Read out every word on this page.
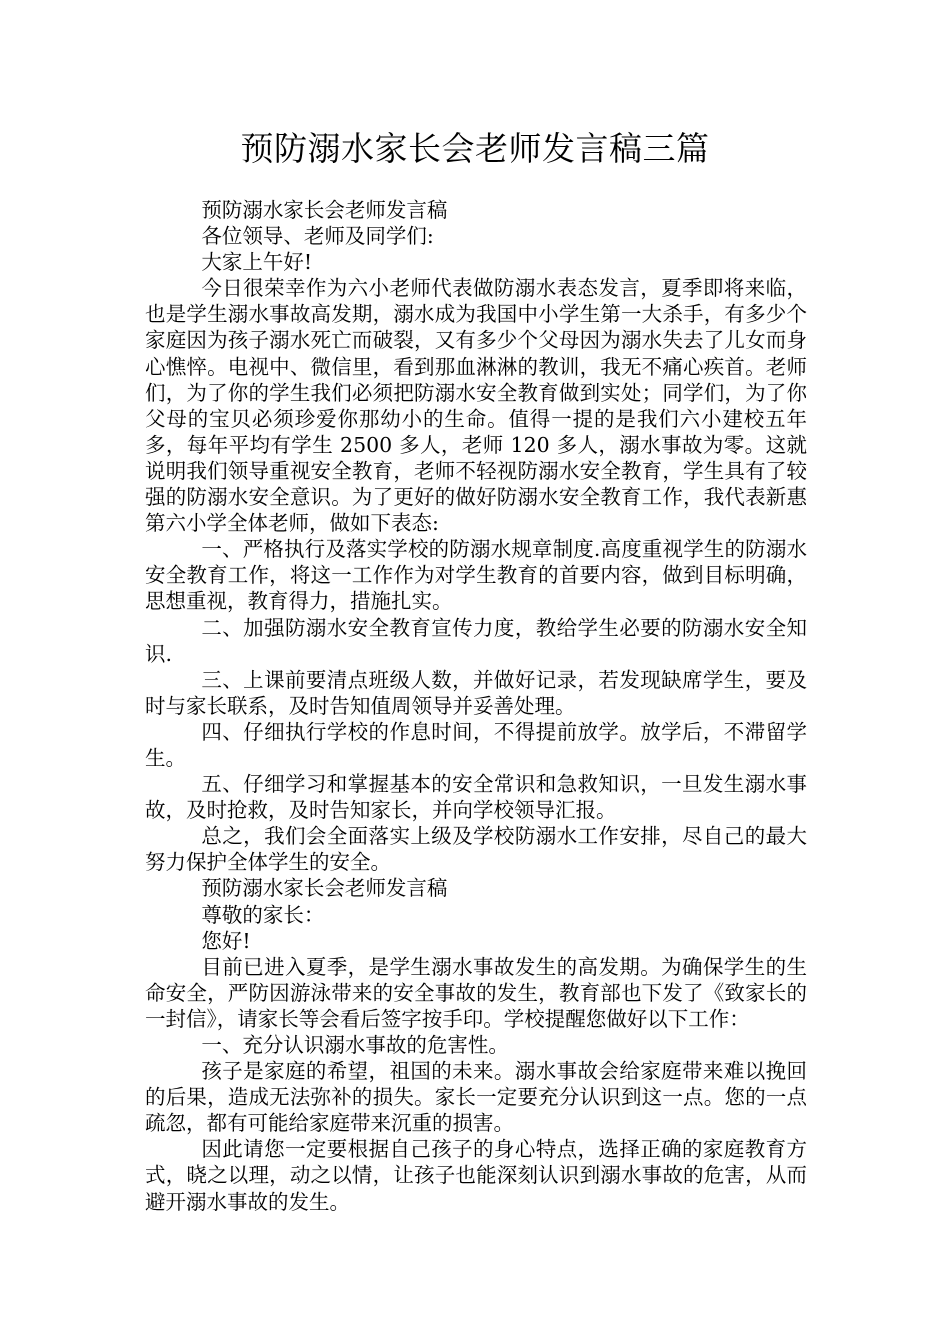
预防溺水家长会老师发言稿三篇

预防溺水家长会老师发言稿

各位领导、老师及同学们:

大家上午好!

今日很荣幸作为六小老师代表做防溺水表态发言，夏季即将来临，也是学生溺水事故高发期，溺水成为我国中小学生第一大杀手，有多少个家庭因为孩子溺水死亡而破裂，又有多少个父母因为溺水失去了儿女而身心憔悴。电视中、微信里，看到那血淋淋的教训，我无不痛心疾首。老师们，为了你的学生我们必须把防溺水安全教育做到实处；同学们，为了你父母的宝贝必须珍爱你那幼小的生命。值得一提的是我们六小建校五年多，每年平均有学生 2500 多人，老师 120 多人，溺水事故为零。这就说明我们领导重视安全教育，老师不轻视防溺水安全教育，学生具有了较强的防溺水安全意识。为了更好的做好防溺水安全教育工作，我代表新惠第六小学全体老师，做如下表态:

一、严格执行及落实学校的防溺水规章制度.高度重视学生的防溺水安全教育工作，将这一工作作为对学生教育的首要内容，做到目标明确，思想重视，教育得力，措施扎实。

二、加强防溺水安全教育宣传力度，教给学生必要的防溺水安全知识.

三、上课前要清点班级人数，并做好记录，若发现缺席学生，要及时与家长联系，及时告知值周领导并妥善处理。

四、仔细执行学校的作息时间，不得提前放学。放学后，不滞留学生。

五、仔细学习和掌握基本的安全常识和急救知识，一旦发生溺水事故，及时抢救，及时告知家长，并向学校领导汇报。

总之，我们会全面落实上级及学校防溺水工作安排，尽自己的最大努力保护全体学生的安全。

预防溺水家长会老师发言稿

尊敬的家长：

您好!

目前已进入夏季，是学生溺水事故发生的高发期。为确保学生的生命安全，严防因游泳带来的安全事故的发生，教育部也下发了《致家长的一封信》，请家长等会看后签字按手印。学校提醒您做好以下工作：

一、充分认识溺水事故的危害性。

孩子是家庭的希望，祖国的未来。溺水事故会给家庭带来难以挽回的后果，造成无法弥补的损失。家长一定要充分认识到这一点。您的一点疏忽，都有可能给家庭带来沉重的损害。

因此请您一定要根据自己孩子的身心特点，选择正确的家庭教育方式，晓之以理，动之以情，让孩子也能深刻认识到溺水事故的危害，从而避开溺水事故的发生。
